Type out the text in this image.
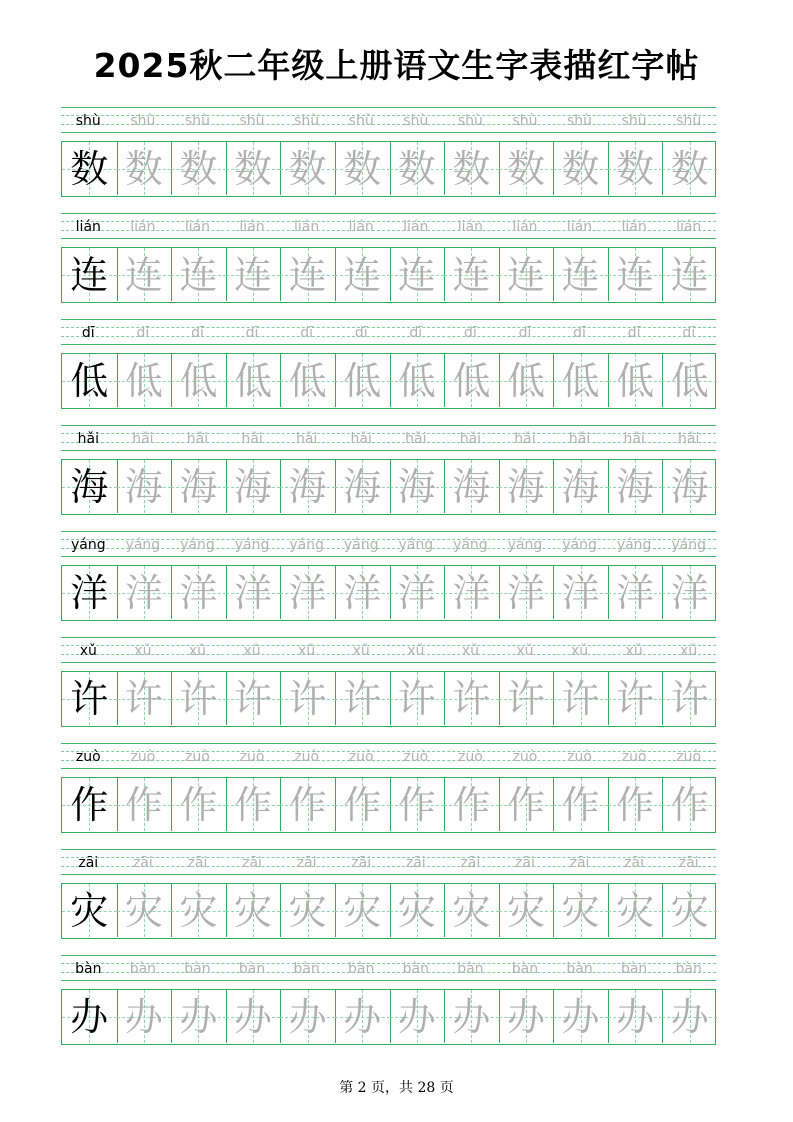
2025秋二年级上册语文生字表描红字帖
shù	shù	shù	shù	shù	shù	shù	shù	shù	shù	shù	shù
数 数 数 数 数 数 数 数 数 数 数 数
lián	lián	lián	lián	lián	lián	lián	lián	lián	lián	lián	lián
连 连 连 连 连 连 连 连 连 连 连 连
dī	dī	dī	dī	dī	dī	dī	dī	dī	dī	dī	dī
低 低 低 低 低 低 低 低 低 低 低 低
hǎi	hǎi	hǎi	hǎi	hǎi	hǎi	hǎi	hǎi	hǎi	hǎi	hǎi	hǎi
海 海 海 海 海 海 海 海 海 海 海 海
yáng	yáng	yáng	yáng	yáng	yáng	yáng	yáng	yáng	yáng	yáng	yáng
洋 洋 洋 洋 洋 洋 洋 洋 洋 洋 洋 洋
xǔ	xǔ	xǔ	xǔ	xǔ	xǔ	xǔ	xǔ	xǔ	xǔ	xǔ	xǔ
许 许 许 许 许 许 许 许 许 许 许 许
zuò	zuò	zuò	zuò	zuò	zuò	zuò	zuò	zuò	zuò	zuò	zuò
作 作 作 作 作 作 作 作 作 作 作 作
zāi	zāi	zāi	zāi	zāi	zāi	zāi	zāi	zāi	zāi	zāi	zāi
灾 灾 灾 灾 灾 灾 灾 灾 灾 灾 灾 灾
bàn	bàn	bàn	bàn	bàn	bàn	bàn	bàn	bàn	bàn	bàn	bàn
办 办 办 办 办 办 办 办 办 办 办 办
第 2 页，共 28 页
